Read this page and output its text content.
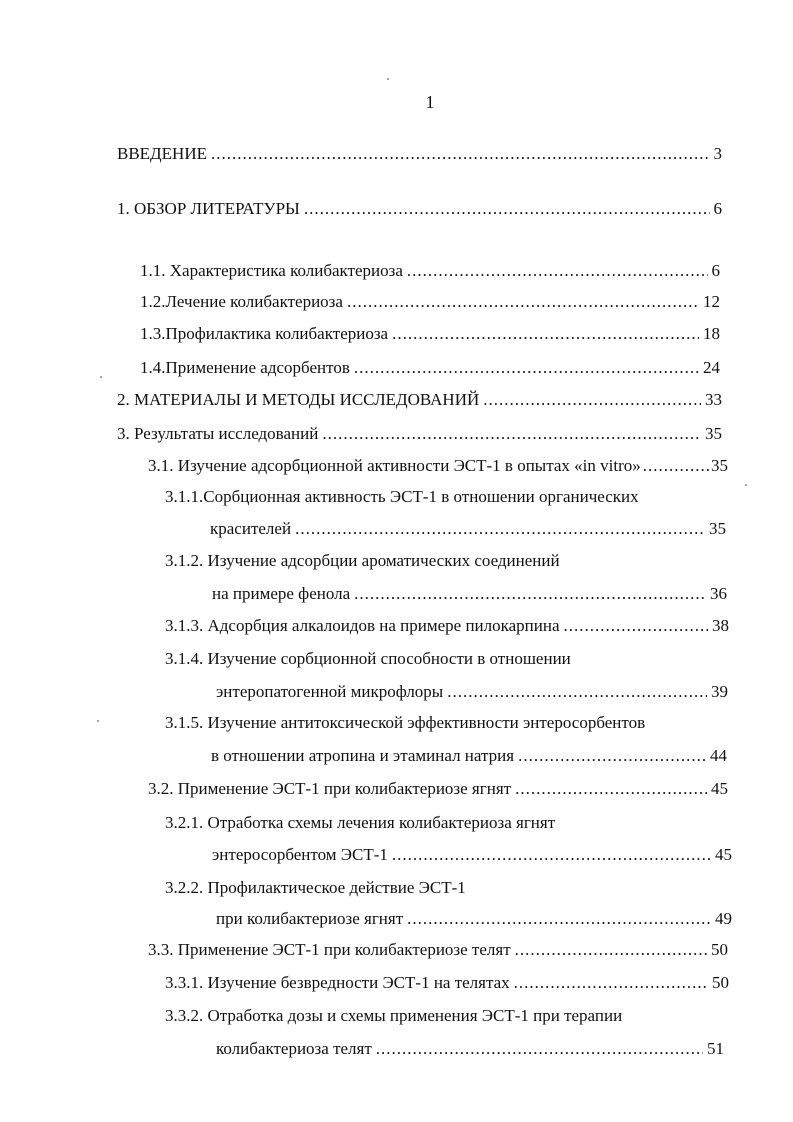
1
ВВЕДЕНИЕ .....	3
1. ОБЗОР ЛИТЕРАТУРЫ .....	6
1.1. Характеристика колибактериоза .....	6
1.2.Лечение колибактериоза .....	12
1.3.Профилактика колибактериоза .....	18
1.4.Применение адсорбентов .....	24
2. МАТЕРИАЛЫ И МЕТОДЫ ИССЛЕДОВАНИЙ .....	33
3. Результаты исследований .....	35
3.1. Изучение адсорбционной активности ЭСТ-1 в опытах «in vitro» .....	35
3.1.1.Сорбционная активность ЭСТ-1 в отношении органических
красителей .....	35
3.1.2. Изучение адсорбции ароматических соединений
на примере фенола .....	36
3.1.3. Адсорбция алкалоидов на примере пилокарпина .....	38
3.1.4. Изучение сорбционной способности в отношении
энтеропатогенной микрофлоры .....	39
3.1.5. Изучение антитоксической эффективности энтеросорбентов
в отношении атропина и этаминал натрия .....	44
3.2. Применение ЭСТ-1 при колибактериозе ягнят .....	45
3.2.1. Отработка схемы лечения колибактериоза ягнят
энтеросорбентом ЭСТ-1 .....	45
3.2.2. Профилактическое действие ЭСТ-1
при колибактериозе ягнят .....	49
3.3. Применение ЭСТ-1 при колибактериозе телят .....	50
3.3.1. Изучение безвредности ЭСТ-1 на телятах .....	50
3.3.2. Отработка дозы и схемы применения ЭСТ-1 при терапии
колибактериоза телят .....	51
